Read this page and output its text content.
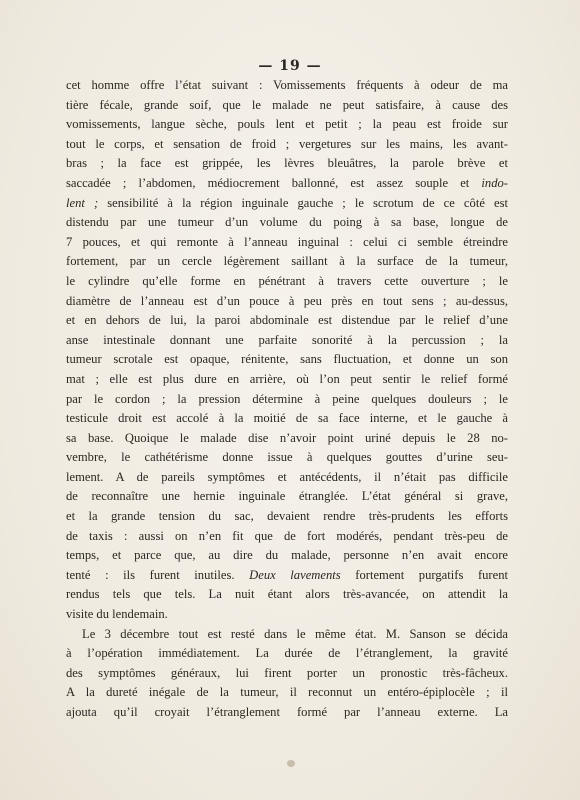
— 19 —
cet homme offre l’état suivant : Vomissements fréquents à odeur de ma
tière fécale, grande soif, que le malade ne peut satisfaire, à cause des
vomissements, langue sèche, pouls lent et petit ; la peau est froide sur
tout le corps, et sensation de froid ; vergetures sur les mains, les avant-
bras ; la face est grippée, les lèvres bleuâtres, la parole brève et
saccadée ; l’abdomen, médiocrement ballonné, est assez souple et indo-
lent ; sensibilité à la région inguinale gauche ; le scrotum de ce côté est
distendu par une tumeur d’un volume du poing à sa base, longue de
7 pouces, et qui remonte à l’anneau inguinal : celui ci semble étreindre
fortement, par un cercle légèrement saillant à la surface de la tumeur,
le cylindre qu’elle forme en pénétrant à travers cette ouverture ; le
diamètre de l’anneau est d’un pouce à peu près en tout sens ; au-dessus,
et en dehors de lui, la paroi abdominale est distendue par le relief d’une
anse intestinale donnant une parfaite sonorité à la percussion ; la
tumeur scrotale est opaque, rénitente, sans fluctuation, et donne un son
mat ; elle est plus dure en arrière, où l’on peut sentir le relief formé
par le cordon ; la pression détermine à peine quelques douleurs ; le
testicule droit est accolé à la moitié de sa face interne, et le gauche à
sa base. Quoique le malade dise n’avoir point uriné depuis le 28 no-
vembre, le cathétérisme donne issue à quelques gouttes d’urine seu-
lement. A de pareils symptômes et antécédents, il n’était pas difficile
de reconnaître une hernie inguinale étranglée. L’état général si grave,
et la grande tension du sac, devaient rendre très-prudents les efforts
de taxis : aussi on n’en fit que de fort modérés, pendant très-peu de
temps, et parce que, au dire du malade, personne n’en avait encore
tenté : ils furent inutiles. Deux lavements fortement purgatifs furent
rendus tels que tels. La nuit étant alors très-avancée, on attendit la
visite du lendemain.
Le 3 décembre tout est resté dans le même état. M. Sanson se décida
à l’opération immédiatement. La durée de l’étranglement, la gravité
des symptômes généraux, lui firent porter un pronostic très-fâcheux.
A la dureté inégale de la tumeur, il reconnut un entéro-épiplocèle ; il
ajouta qu’il croyait l’étranglement formé par l’anneau externe. La
